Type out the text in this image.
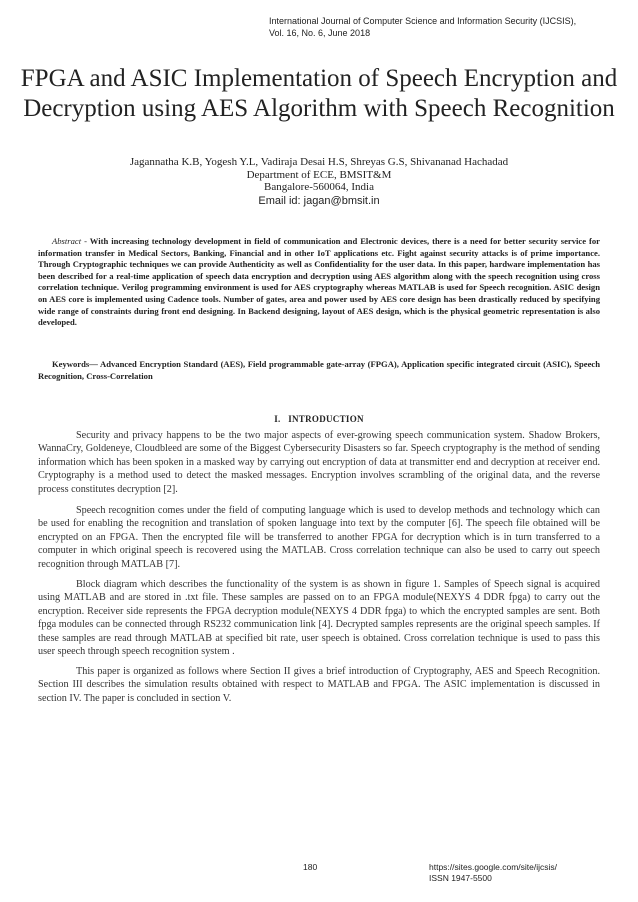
International Journal of Computer Science and Information Security (IJCSIS),
Vol. 16, No. 6, June 2018
FPGA and ASIC Implementation of Speech Encryption and Decryption using AES Algorithm with Speech Recognition
Jagannatha K.B, Yogesh Y.L, Vadiraja Desai H.S, Shreyas G.S, Shivananad Hachadad
Department of ECE, BMSIT&M
Bangalore-560064, India
Email id: jagan@bmsit.in
Abstract - With increasing technology development in field of communication and Electronic devices, there is a need for better security service for information transfer in Medical Sectors, Banking, Financial and in other IoT applications etc. Fight against security attacks is of prime importance. Through Cryptographic techniques we can provide Authenticity as well as Confidentiality for the user data. In this paper, hardware implementation has been described for a real-time application of speech data encryption and decryption using AES algorithm along with the speech recognition using cross correlation technique. Verilog programming environment is used for AES cryptography whereas MATLAB is used for Speech recognition. ASIC design on AES core is implemented using Cadence tools. Number of gates, area and power used by AES core design has been drastically reduced by specifying wide range of constraints during front end designing. In Backend designing, layout of AES design, which is the physical geometric representation is also developed.
Keywords— Advanced Encryption Standard (AES), Field programmable gate-array (FPGA), Application specific integrated circuit (ASIC), Speech Recognition, Cross-Correlation
I. INTRODUCTION

Security and privacy happens to be the two major aspects of ever-growing speech communication system. Shadow Brokers, WannaCry, Goldeneye, Cloudbleed are some of the Biggest Cybersecurity Disasters so far. Speech cryptography is the method of sending information which has been spoken in a masked way by carrying out encryption of data at transmitter end and decryption at receiver end. Cryptography is a method used to detect the masked messages. Encryption involves scrambling of the original data, and the reverse process constitutes decryption [2].

Speech recognition comes under the field of computing language which is used to develop methods and technology which can be used for enabling the recognition and translation of spoken language into text by the computer [6]. The speech file obtained will be encrypted on an FPGA. Then the encrypted file will be transferred to another FPGA for decryption which is in turn transferred to a computer in which original speech is recovered using the MATLAB. Cross correlation technique can also be used to carry out speech recognition through MATLAB [7].

Block diagram which describes the functionality of the system is as shown in figure 1. Samples of Speech signal is acquired using MATLAB and are stored in .txt file. These samples are passed on to an FPGA module(NEXYS 4 DDR fpga) to carry out the encryption. Receiver side represents the FPGA decryption module(NEXYS 4 DDR fpga) to which the encrypted samples are sent. Both fpga modules can be connected through RS232 communication link [4]. Decrypted samples represents are the original speech samples. If these samples are read through MATLAB at specified bit rate, user speech is obtained. Cross correlation technique is used to pass this user speech through speech recognition system .

This paper is organized as follows where Section II gives a brief introduction of Cryptography, AES and Speech Recognition. Section III describes the simulation results obtained with respect to MATLAB and FPGA. The ASIC implementation is discussed in section IV. The paper is concluded in section V.

180	https://sites.google.com/site/ijcsis/
ISSN 1947-5500
